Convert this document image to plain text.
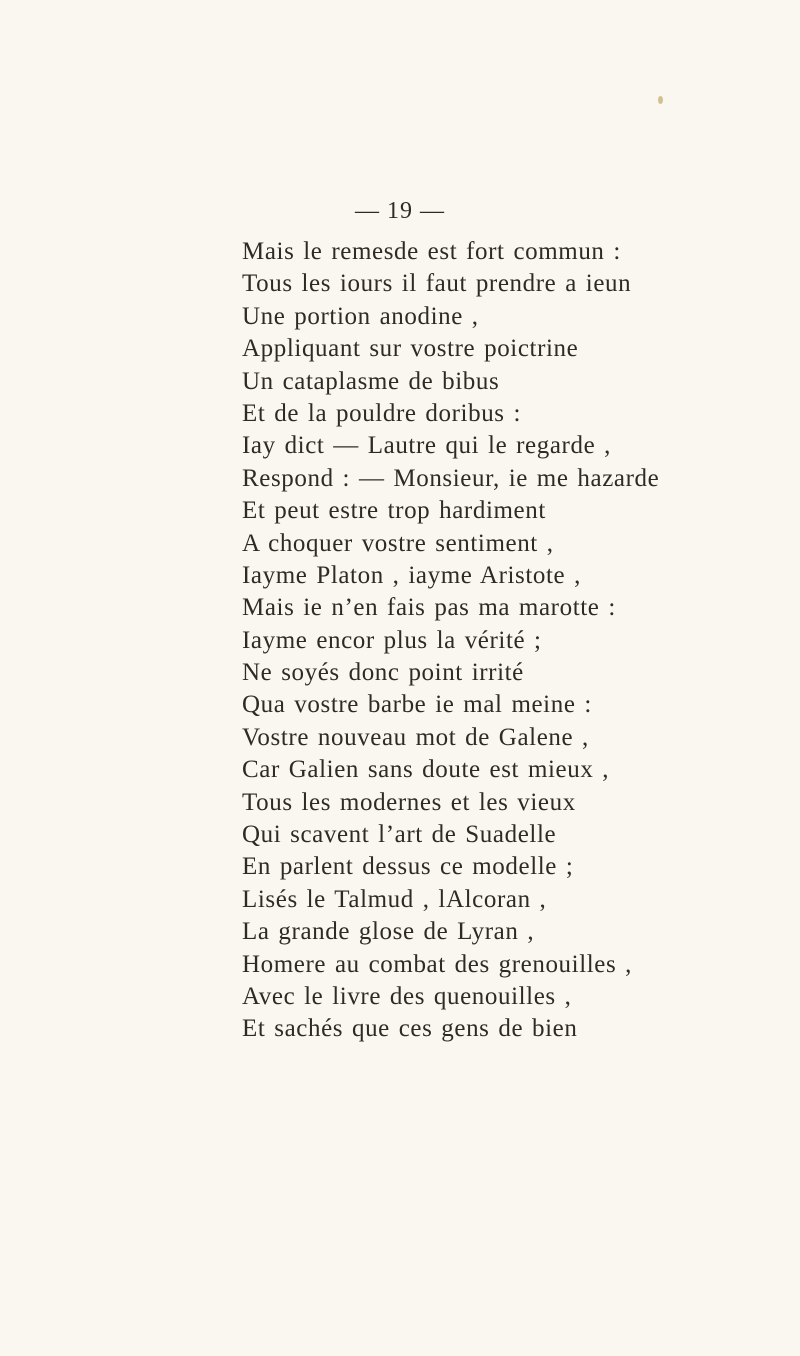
— 19 —
Mais le remesde est fort commun :
Tous les iours il faut prendre a ieun
Une portion anodine ,
Appliquant sur vostre poictrine
Un cataplasme de bibus
Et de la pouldre doribus :
Iay dict — Lautre qui le regarde ,
Respond : — Monsieur, ie me hazarde
Et peut estre trop hardiment
A choquer vostre sentiment ,
Iayme Platon , iayme Aristote ,
Mais ie n’en fais pas ma marotte :
Iayme encor plus la vérité ;
Ne soyés donc point irrité
Qua vostre barbe ie mal meine :
Vostre nouveau mot de Galene ,
Car Galien sans doute est mieux ,
Tous les modernes et les vieux
Qui scavent l’art de Suadelle
En parlent dessus ce modelle ;
Lisés le Talmud , lAlcoran ,
La grande glose de Lyran ,
Homere au combat des grenouilles ,
Avec le livre des quenouilles ,
Et sachés que ces gens de bien
